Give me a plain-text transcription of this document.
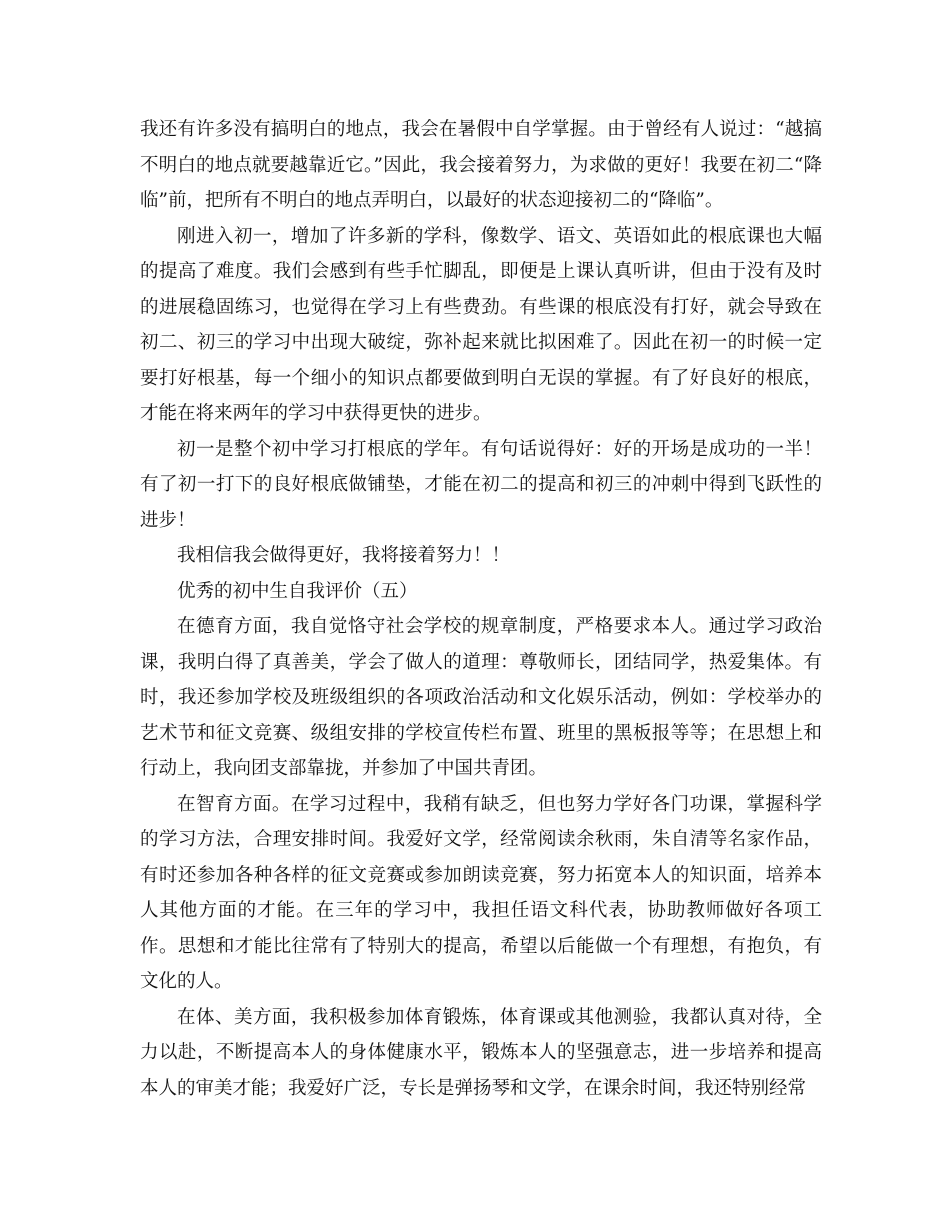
我还有许多没有搞明白的地点，我会在暑假中自学掌握。由于曾经有人说过：“越搞不明白的地点就要越靠近它。”因此，我会接着努力，为求做的更好！我要在初二“降临”前，把所有不明白的地点弄明白，以最好的状态迎接初二的“降临”。

刚进入初一，增加了许多新的学科，像数学、语文、英语如此的根底课也大幅的提高了难度。我们会感到有些手忙脚乱，即便是上课认真听讲，但由于没有及时的进展稳固练习，也觉得在学习上有些费劲。有些课的根底没有打好，就会导致在初二、初三的学习中出现大破绽，弥补起来就比拟困难了。因此在初一的时候一定要打好根基，每一个细小的知识点都要做到明白无误的掌握。有了好良好的根底，才能在将来两年的学习中获得更快的进步。

初一是整个初中学习打根底的学年。有句话说得好：好的开场是成功的一半！有了初一打下的良好根底做铺垫，才能在初二的提高和初三的冲刺中得到飞跃性的进步！

我相信我会做得更好，我将接着努力！！

优秀的初中生自我评价（五）

在德育方面，我自觉恪守社会学校的规章制度，严格要求本人。通过学习政治课，我明白得了真善美，学会了做人的道理：尊敬师长，团结同学，热爱集体。有时，我还参加学校及班级组织的各项政治活动和文化娱乐活动，例如：学校举办的艺术节和征文竞赛、级组安排的学校宣传栏布置、班里的黑板报等等；在思想上和行动上，我向团支部靠拢，并参加了中国共青团。

在智育方面。在学习过程中，我稍有缺乏，但也努力学好各门功课，掌握科学的学习方法，合理安排时间。我爱好文学，经常阅读余秋雨，朱自清等名家作品，有时还参加各种各样的征文竞赛或参加朗读竞赛，努力拓宽本人的知识面，培养本人其他方面的才能。在三年的学习中，我担任语文科代表，协助教师做好各项工作。思想和才能比往常有了特别大的提高，希望以后能做一个有理想，有抱负，有文化的人。

在体、美方面，我积极参加体育锻炼，体育课或其他测验，我都认真对待，全力以赴，不断提高本人的身体健康水平，锻炼本人的坚强意志，进一步培养和提高本人的审美才能；我爱好广泛，专长是弹扬琴和文学，在课余时间，我还特别经常
